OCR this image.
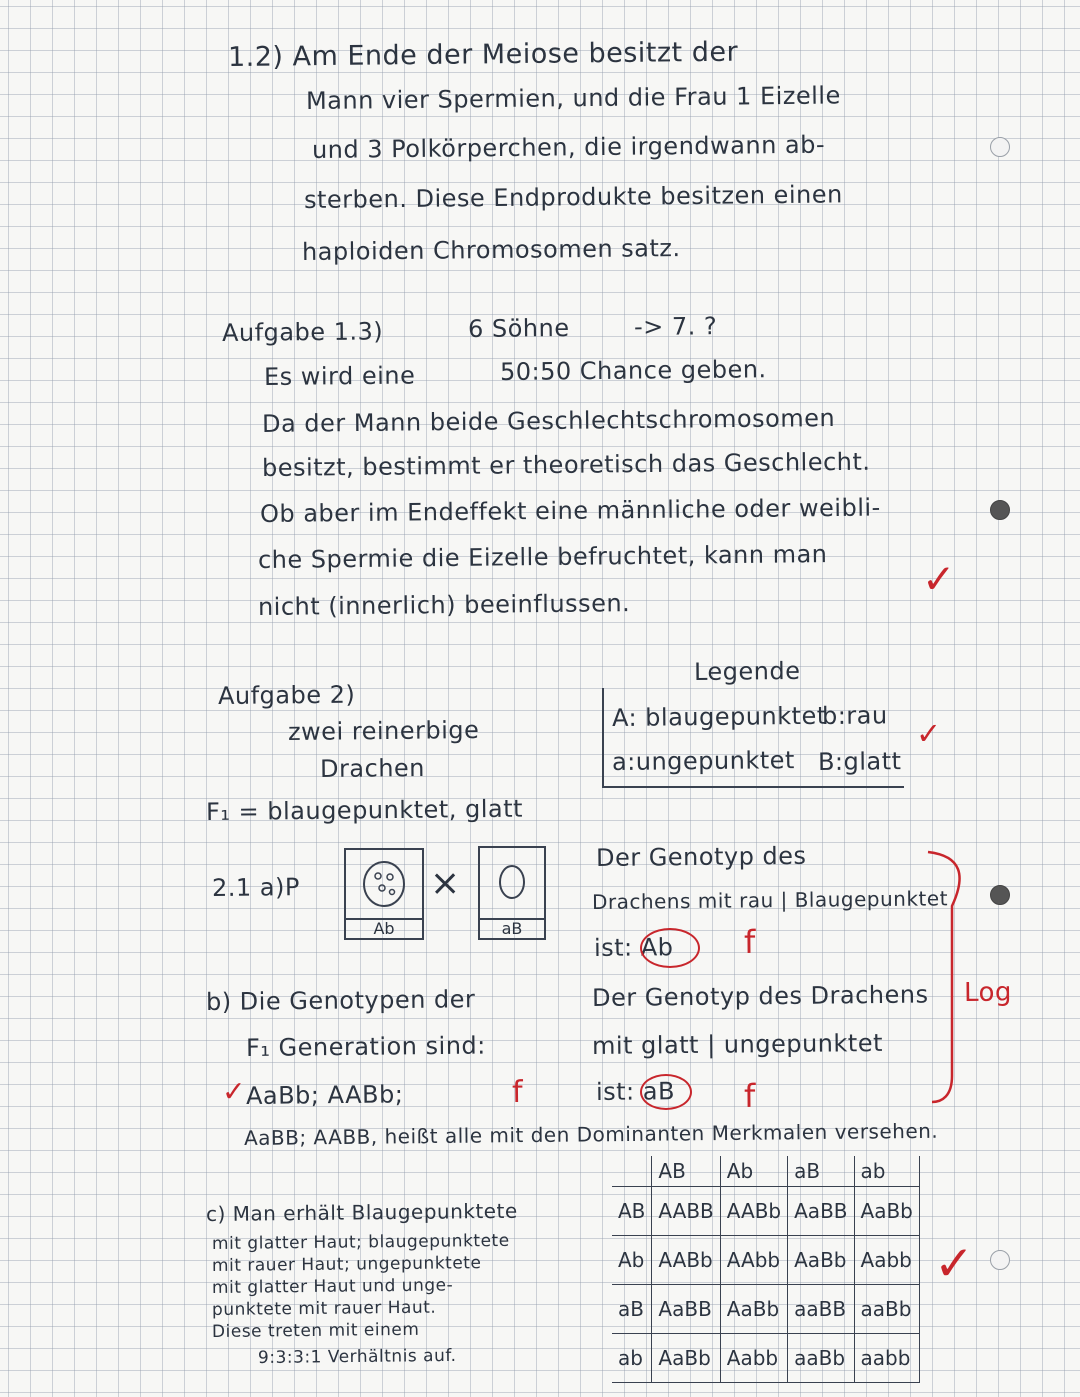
1.2) Am Ende der Meiose besitzt der
Mann vier Spermien, und die Frau 1 Eizelle
und 3 Polkörperchen, die irgendwann ab-
sterben. Diese Endprodukte besitzen einen
haploiden Chromosomen satz.
Aufgabe 1.3)	6 Söhne	-> 7. ?
Es wird eine	50:50 Chance geben.
Da der Mann beide Geschlechtschromosomen
besitzt, bestimmt er theoretisch das Geschlecht.
Ob aber im Endeffekt eine männliche oder weibli-
che Spermie die Eizelle befruchtet, kann man
nicht (innerlich) beeinflussen.
✓
Aufgabe 2)
zwei reinerbige
Drachen
Legende
A: blaugepunktet
b:rau
a:ungepunktet B:glatt
✓
F₁ = blaugepunktet, glatt
2.1 a)P
Ab
×
aB
Der Genotyp des
Drachens mit rau | Blaugepunktet
ist: Ab f
Der Genotyp des Drachens
mit glatt | ungepunktet
ist: aB f
Log
b) Die Genotypen der
F₁ Generation sind:
✓ AaBb; AABb;	f
AaBB; AABB, heißt alle mit den Dominanten Merkmalen versehen.
c) Man erhält Blaugepunktete
mit glatter Haut; blaugepunktete
mit rauer Haut; ungepunktete
mit glatter Haut und unge-
punktete mit rauer Haut.
Diese treten mit einem
9:3:3:1 Verhältnis auf.
	AB	Ab	aB	ab
AB	AABB	AABb	AaBB	AaBb
Ab	AABb	AAbb	AaBb	Aabb
aB	AaBB	AaBb	aaBB	aaBb
ab	AaBb	Aabb	aaBb	aabb
✓
